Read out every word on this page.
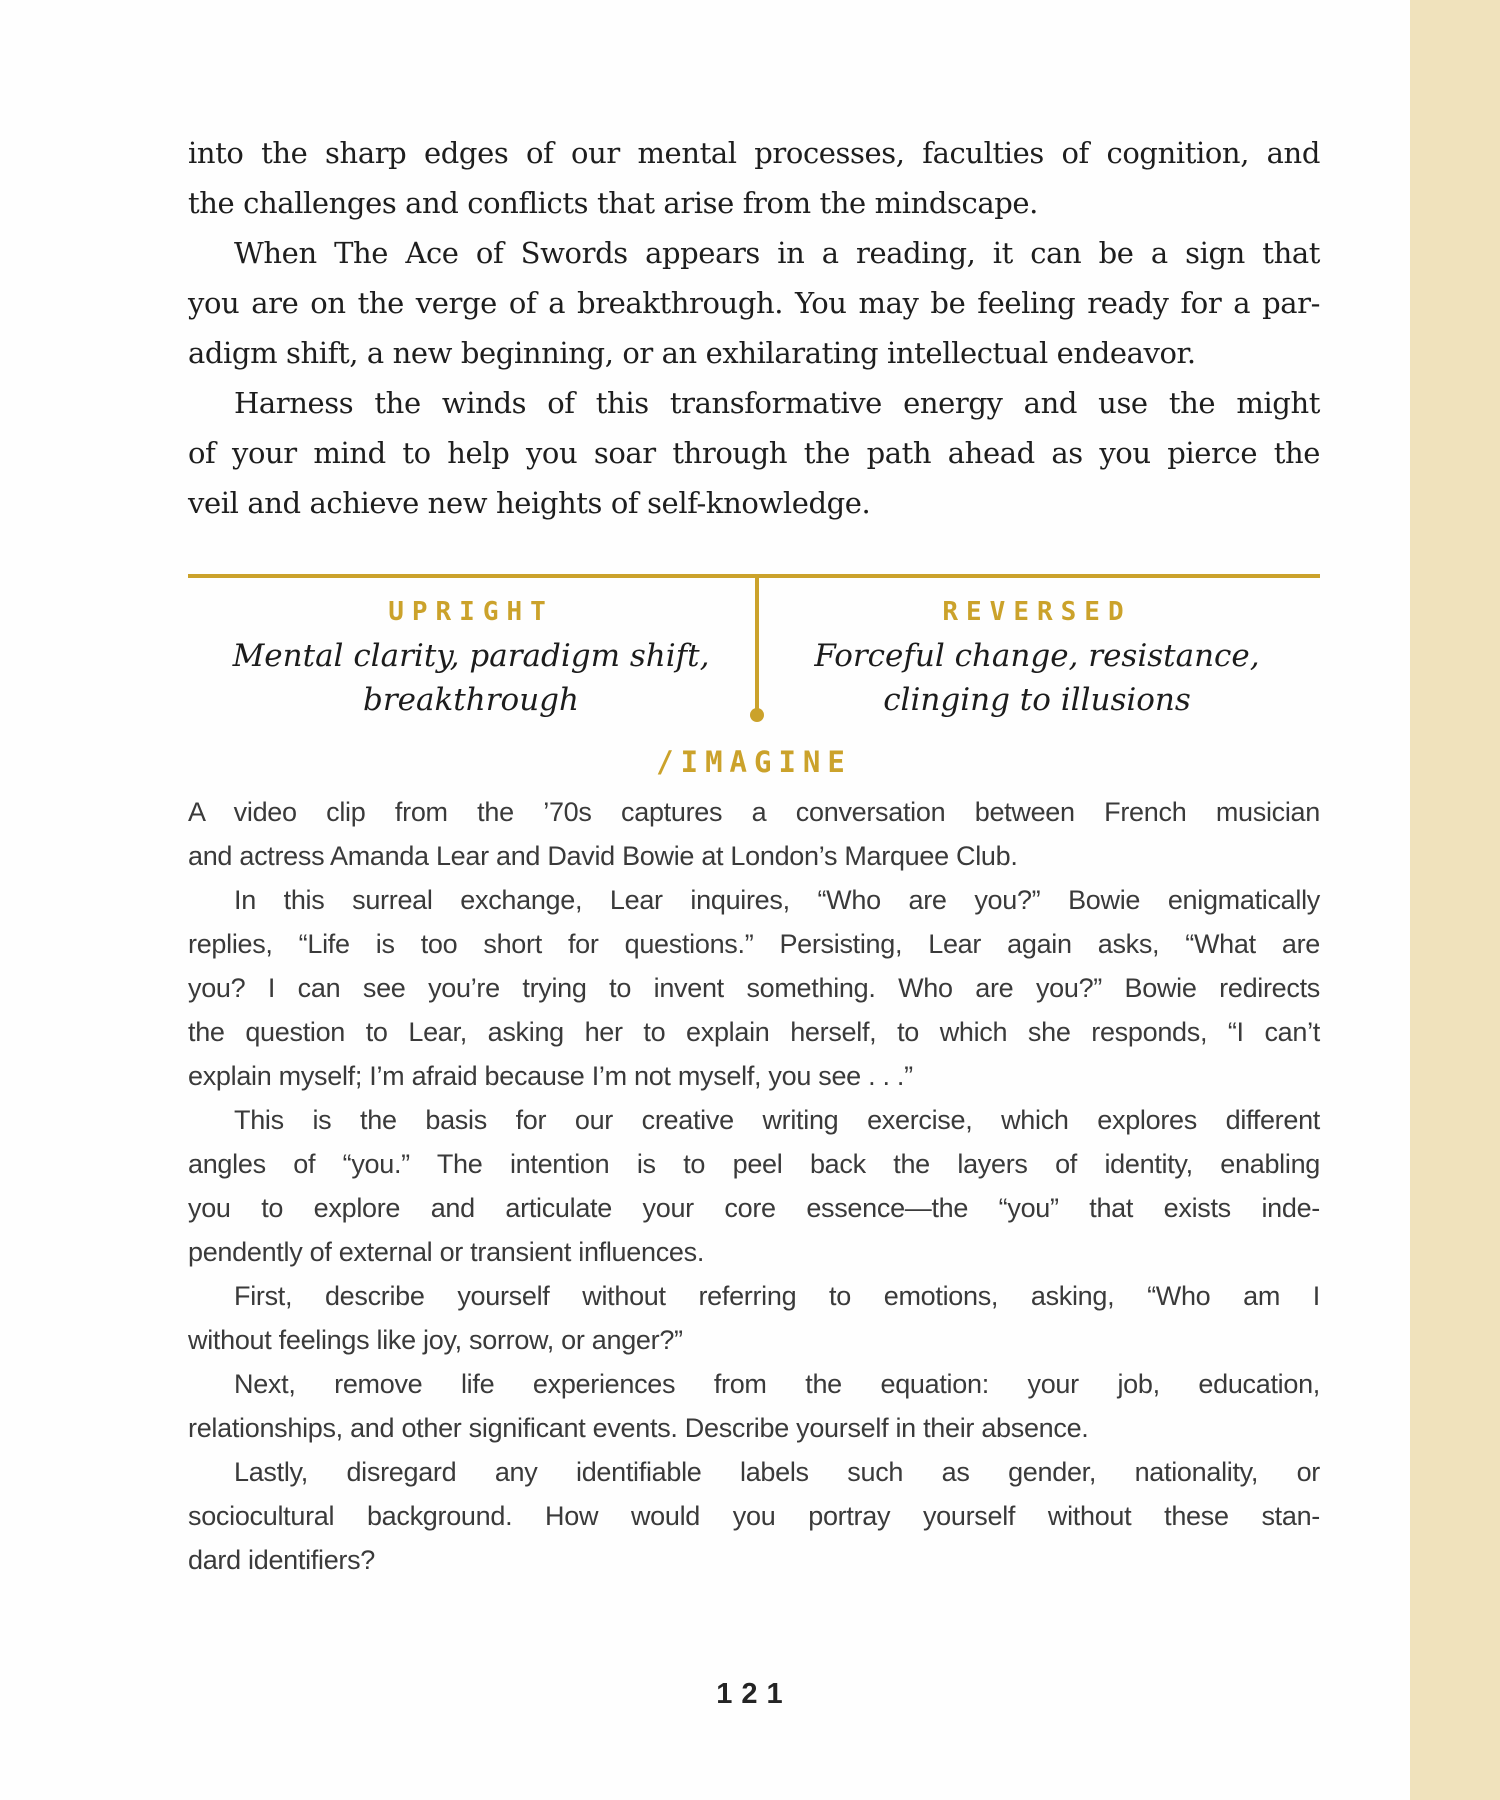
into the sharp edges of our mental processes, faculties of cognition, and
the challenges and conflicts that arise from the mindscape.
When The Ace of Swords appears in a reading, it can be a sign that
you are on the verge of a breakthrough. You may be feeling ready for a par-
adigm shift, a new beginning, or an exhilarating intellectual endeavor.
Harness the winds of this transformative energy and use the might
of your mind to help you soar through the path ahead as you pierce the
veil and achieve new heights of self-knowledge.
UPRIGHT
Mental clarity, paradigm shift,
breakthrough
REVERSED
Forceful change, resistance,
clinging to illusions
/IMAGINE
A video clip from the ’70s captures a conversation between French musician
and actress Amanda Lear and David Bowie at London’s Marquee Club.
In this surreal exchange, Lear inquires, “Who are you?” Bowie enigmatically
replies, “Life is too short for questions.” Persisting, Lear again asks, “What are
you? I can see you’re trying to invent something. Who are you?” Bowie redirects
the question to Lear, asking her to explain herself, to which she responds, “I can’t
explain myself; I’m afraid because I’m not myself, you see . . .”
This is the basis for our creative writing exercise, which explores different
angles of “you.” The intention is to peel back the layers of identity, enabling
you to explore and articulate your core essence—the “you” that exists inde-
pendently of external or transient influences.
First, describe yourself without referring to emotions, asking, “Who am I
without feelings like joy, sorrow, or anger?”
Next, remove life experiences from the equation: your job, education,
relationships, and other significant events. Describe yourself in their absence.
Lastly, disregard any identifiable labels such as gender, nationality, or
sociocultural background. How would you portray yourself without these stan-
dard identifiers?
121
